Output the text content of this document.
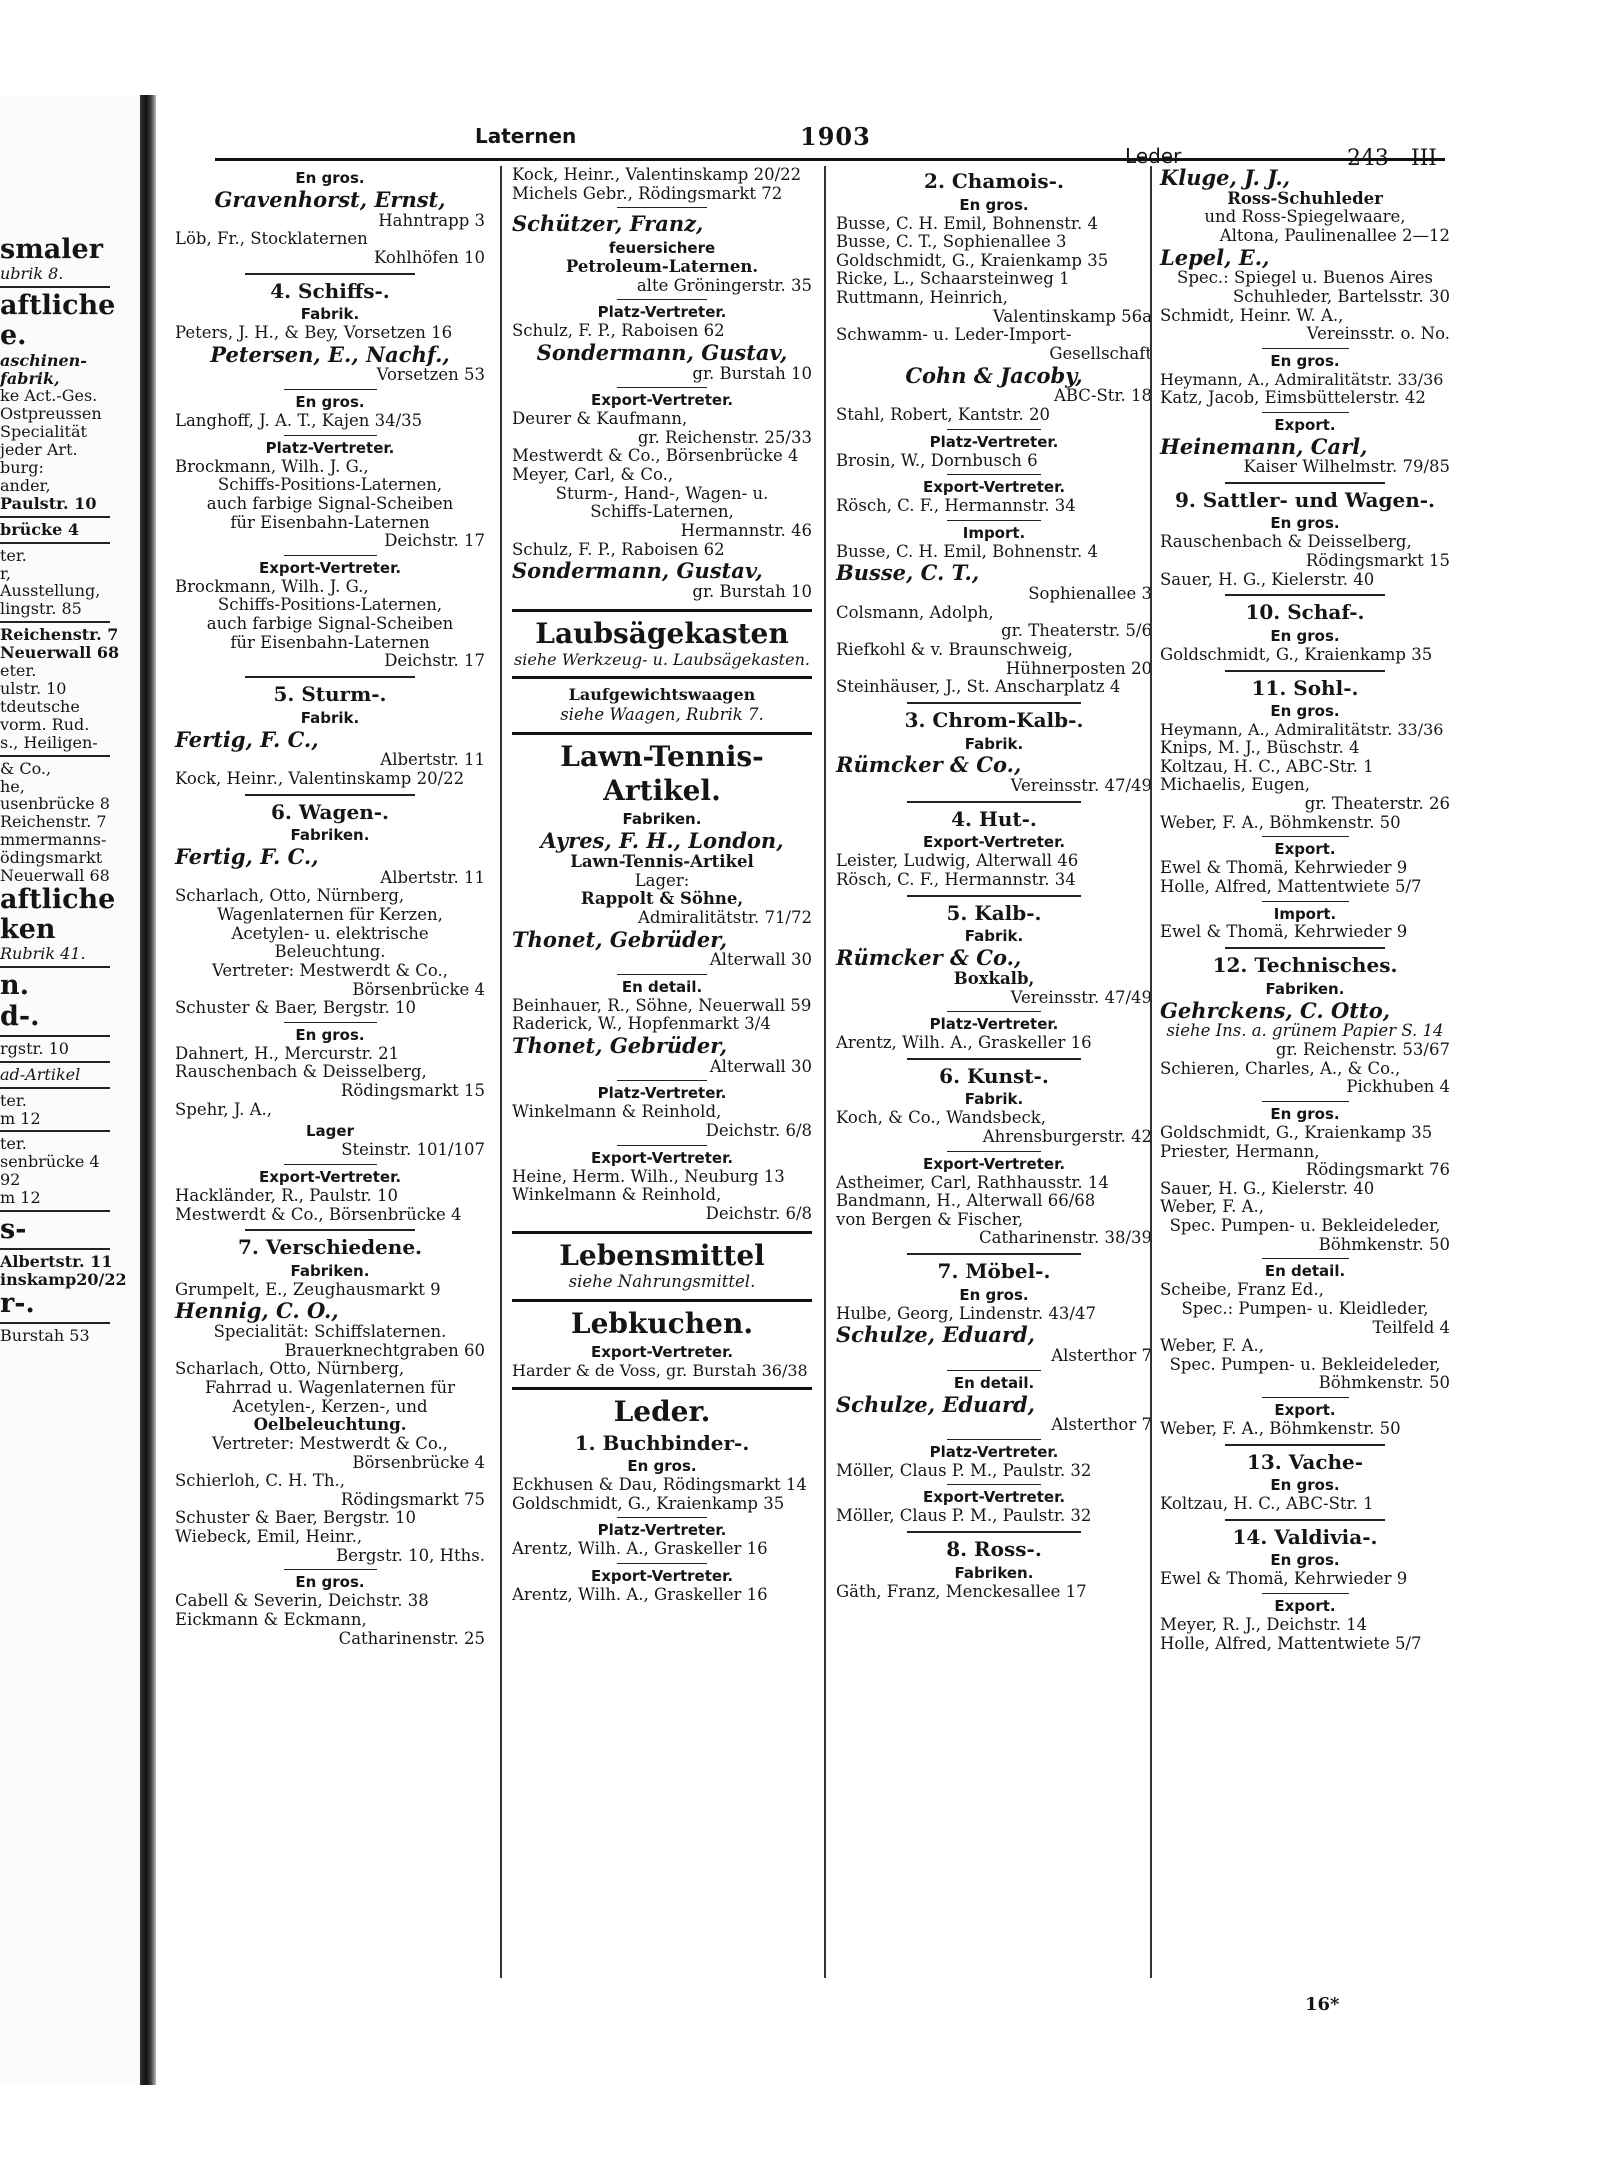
smaler
ubrik 8.
aftliche
e.
aschinen-
fabrik,
ke Act.-Ges.
Ostpreussen
Specialität
jeder Art.
burg:
ander,
Paulstr. 10
brücke 4
ter.
r,
Ausstellung,
lingstr. 85
Reichenstr. 7
Neuerwall 68
eter.
ulstr. 10
tdeutsche
vorm. Rud.
s., Heiligen-
& Co.,
he,
usenbrücke 8
Reichenstr. 7
mmermanns-
ödingsmarkt
Neuerwall 68
aftliche
ken
Rubrik 41.
n.
d-.
rgstr. 10
ad-Artikel
ter.
m 12
ter.
senbrücke 4
92
m 12
s-
Albertstr. 11
inskamp20/22
r-.
Burstah 53
Laternen	1903
Leder	243—III
En gros.
Gravenhorst, Ernst,
Hahntrapp 3
Löb, Fr., Stocklaternen
Kohlhöfen 10
4. Schiffs-.
Fabrik.
Peters, J. H., & Bey, Vorsetzen 16
Petersen, E., Nachf.,
Vorsetzen 53
En gros.
Langhoff, J. A. T., Kajen 34/35
Platz-Vertreter.
Brockmann, Wilh. J. G.,
Schiffs-Positions-Laternen,
auch farbige Signal-Scheiben
für Eisenbahn-Laternen
Deichstr. 17
Export-Vertreter.
Brockmann, Wilh. J. G.,
Schiffs-Positions-Laternen,
auch farbige Signal-Scheiben
für Eisenbahn-Laternen
Deichstr. 17
5. Sturm-.
Fabrik.
Fertig, F. C.,
Albertstr. 11
Kock, Heinr., Valentinskamp 20/22
6. Wagen-.
Fabriken.
Fertig, F. C.,
Albertstr. 11
Scharlach, Otto, Nürnberg,
Wagenlaternen für Kerzen,
Acetylen- u. elektrische
Beleuchtung.
Vertreter: Mestwerdt & Co.,
Börsenbrücke 4
Schuster & Baer, Bergstr. 10
En gros.
Dahnert, H., Mercurstr. 21
Rauschenbach & Deisselberg,
Rödingsmarkt 15
Spehr, J. A.,
Lager
Steinstr. 101/107
Export-Vertreter.
Hackländer, R., Paulstr. 10
Mestwerdt & Co., Börsenbrücke 4
7. Verschiedene.
Fabriken.
Grumpelt, E., Zeughausmarkt 9
Hennig, C. O.,
Specialität: Schiffslaternen.
Brauerknechtgraben 60
Scharlach, Otto, Nürnberg,
Fahrrad u. Wagenlaternen für
Acetylen-, Kerzen-, und
Oelbeleuchtung.
Vertreter: Mestwerdt & Co.,
Börsenbrücke 4
Schierloh, C. H. Th.,
Rödingsmarkt 75
Schuster & Baer, Bergstr. 10
Wiebeck, Emil, Heinr.,
Bergstr. 10, Hths.
En gros.
Cabell & Severin, Deichstr. 38
Eickmann & Eckmann,
Catharinenstr. 25
Kock, Heinr., Valentinskamp 20/22
Michels Gebr., Rödingsmarkt 72
Schützer, Franz,
feuersichere
Petroleum-Laternen.
alte Gröningerstr. 35
Platz-Vertreter.
Schulz, F. P., Raboisen 62
Sondermann, Gustav,
gr. Burstah 10
Export-Vertreter.
Deurer & Kaufmann,
gr. Reichenstr. 25/33
Mestwerdt & Co., Börsenbrücke 4
Meyer, Carl, & Co.,
Sturm-, Hand-, Wagen- u.
Schiffs-Laternen,
Hermannstr. 46
Schulz, F. P., Raboisen 62
Sondermann, Gustav,
gr. Burstah 10
Laubsägekasten
siehe Werkzeug- u. Laubsägekasten.
Laufgewichtswaagen
siehe Waagen, Rubrik 7.
Lawn-Tennis-
Artikel.
Fabriken.
Ayres, F. H., London,
Lawn-Tennis-Artikel
Lager:
Rappolt & Söhne,
Admiralitätstr. 71/72
Thonet, Gebrüder,
Alterwall 30
En detail.
Beinhauer, R., Söhne, Neuerwall 59
Raderick, W., Hopfenmarkt 3/4
Thonet, Gebrüder,
Alterwall 30
Platz-Vertreter.
Winkelmann & Reinhold,
Deichstr. 6/8
Export-Vertreter.
Heine, Herm. Wilh., Neuburg 13
Winkelmann & Reinhold,
Deichstr. 6/8
Lebensmittel
siehe Nahrungsmittel.
Lebkuchen.
Export-Vertreter.
Harder & de Voss, gr. Burstah 36/38
Leder.
1. Buchbinder-.
En gros.
Eckhusen & Dau, Rödingsmarkt 14
Goldschmidt, G., Kraienkamp 35
Platz-Vertreter.
Arentz, Wilh. A., Graskeller 16
Export-Vertreter.
Arentz, Wilh. A., Graskeller 16
2. Chamois-.
En gros.
Busse, C. H. Emil, Bohnenstr. 4
Busse, C. T., Sophienallee 3
Goldschmidt, G., Kraienkamp 35
Ricke, L., Schaarsteinweg 1
Ruttmann, Heinrich,
Valentinskamp 56a
Schwamm- u. Leder-Import-
Gesellschaft
Cohn & Jacoby,
ABC-Str. 18
Stahl, Robert, Kantstr. 20
Platz-Vertreter.
Brosin, W., Dornbusch 6
Export-Vertreter.
Rösch, C. F., Hermannstr. 34
Import.
Busse, C. H. Emil, Bohnenstr. 4
Busse, C. T.,
Sophienallee 3
Colsmann, Adolph,
gr. Theaterstr. 5/6
Riefkohl & v. Braunschweig,
Hühnerposten 20
Steinhäuser, J., St. Anscharplatz 4
3. Chrom-Kalb-.
Fabrik.
Rümcker & Co.,
Vereinsstr. 47/49
4. Hut-.
Export-Vertreter.
Leister, Ludwig, Alterwall 46
Rösch, C. F., Hermannstr. 34
5. Kalb-.
Fabrik.
Rümcker & Co.,
Boxkalb,
Vereinsstr. 47/49
Platz-Vertreter.
Arentz, Wilh. A., Graskeller 16
6. Kunst-.
Fabrik.
Koch, & Co., Wandsbeck,
Ahrensburgerstr. 42
Export-Vertreter.
Astheimer, Carl, Rathhausstr. 14
Bandmann, H., Alterwall 66/68
von Bergen & Fischer,
Catharinenstr. 38/39
7. Möbel-.
En gros.
Hulbe, Georg, Lindenstr. 43/47
Schulze, Eduard,
Alsterthor 7
En detail.
Schulze, Eduard,
Alsterthor 7
Platz-Vertreter.
Möller, Claus P. M., Paulstr. 32
Export-Vertreter.
Möller, Claus P. M., Paulstr. 32
8. Ross-.
Fabriken.
Gäth, Franz, Menckesallee 17
Kluge, J. J.,
Ross-Schuhleder
und Ross-Spiegelwaare,
Altona, Paulinenallee 2—12
Lepel, E.,
Spec.: Spiegel u. Buenos Aires
Schuhleder, Bartelsstr. 30
Schmidt, Heinr. W. A.,
Vereinsstr. o. No.
En gros.
Heymann, A., Admiralitätstr. 33/36
Katz, Jacob, Eimsbüttelerstr. 42
Export.
Heinemann, Carl,
Kaiser Wilhelmstr. 79/85
9. Sattler- und Wagen-.
En gros.
Rauschenbach & Deisselberg,
Rödingsmarkt 15
Sauer, H. G., Kielerstr. 40
10. Schaf-.
En gros.
Goldschmidt, G., Kraienkamp 35
11. Sohl-.
En gros.
Heymann, A., Admiralitätstr. 33/36
Knips, M. J., Büschstr. 4
Koltzau, H. C., ABC-Str. 1
Michaelis, Eugen,
gr. Theaterstr. 26
Weber, F. A., Böhmkenstr. 50
Export.
Ewel & Thomä, Kehrwieder 9
Holle, Alfred, Mattentwiete 5/7
Import.
Ewel & Thomä, Kehrwieder 9
12. Technisches.
Fabriken.
Gehrckens, C. Otto,
siehe Ins. a. grünem Papier S. 14
gr. Reichenstr. 53/67
Schieren, Charles, A., & Co.,
Pickhuben 4
En gros.
Goldschmidt, G., Kraienkamp 35
Priester, Hermann,
Rödingsmarkt 76
Sauer, H. G., Kielerstr. 40
Weber, F. A.,
Spec. Pumpen- u. Bekleideleder,
Böhmkenstr. 50
En detail.
Scheibe, Franz Ed.,
Spec.: Pumpen- u. Kleidleder,
Teilfeld 4
Weber, F. A.,
Spec. Pumpen- u. Bekleideleder,
Böhmkenstr. 50
Export.
Weber, F. A., Böhmkenstr. 50
13. Vache-
En gros.
Koltzau, H. C., ABC-Str. 1
14. Valdivia-.
En gros.
Ewel & Thomä, Kehrwieder 9
Export.
Meyer, R. J., Deichstr. 14
Holle, Alfred, Mattentwiete 5/7
16*
